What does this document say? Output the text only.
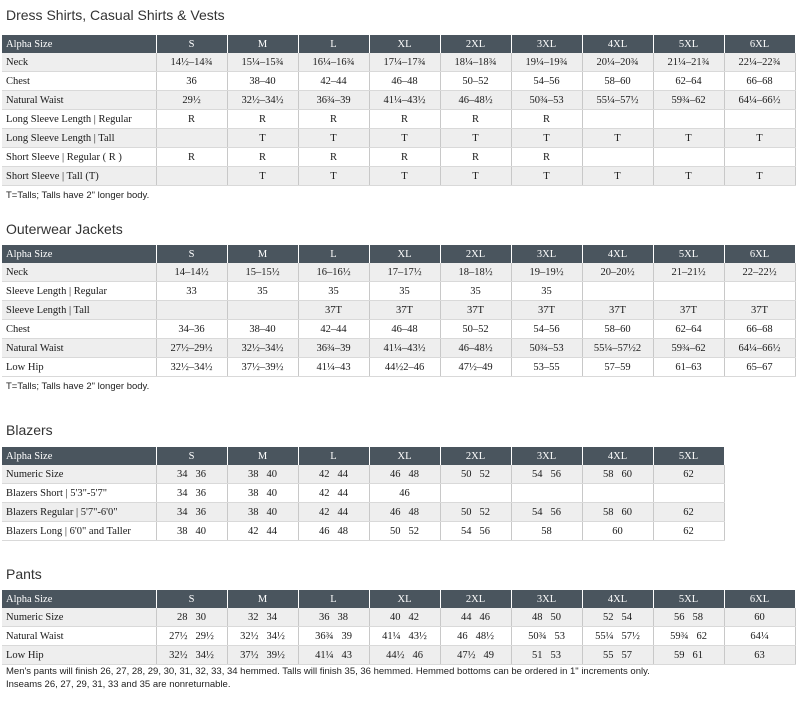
Dress Shirts, Casual Shirts & Vests
Alpha Size	S	M	L	XL	2XL	3XL	4XL	5XL	6XL
Neck	14½–14¾	15¼–15¾	16¼–16¾	17¼–17¾	18¼–18¾	19¼–19¾	20¼–20¾	21¼–21¾	22¼–22¾
Chest	36	38–40	42–44	46–48	50–52	54–56	58–60	62–64	66–68
Natural Waist	29½	32½–34½	36¾–39	41¼–43½	46–48½	50¾–53	55¼–57½	59¾–62	64¼–66½
Long Sleeve Length | Regular	R	R	R	R	R	R			
Long Sleeve Length | Tall		T	T	T	T	T	T	T	T
Short Sleeve | Regular ( R )	R	R	R	R	R	R			
Short Sleeve | Tall (T)		T	T	T	T	T	T	T	T
T=Talls; Talls have 2" longer body.
Outerwear Jackets
Alpha Size	S	M	L	XL	2XL	3XL	4XL	5XL	6XL
Neck	14–14½	15–15½	16–16½	17–17½	18–18½	19–19½	20–20½	21–21½	22–22½
Sleeve Length | Regular	33	35	35	35	35	35			
Sleeve Length | Tall			37T	37T	37T	37T	37T	37T	37T
Chest	34–36	38–40	42–44	46–48	50–52	54–56	58–60	62–64	66–68
Natural Waist	27½–29½	32½–34½	36¾–39	41¼–43½	46–48½	50¾–53	55¼–57½2	59¾–62	64¼–66½
Low Hip	32½–34½	37½–39½	41¼–43	44½2–46	47½–49	53–55	57–59	61–63	65–67
T=Talls; Talls have 2" longer body.
Blazers
Alpha Size	S	M	L	XL	2XL	3XL	4XL	5XL
Numeric Size	34 36	38 40	42 44	46 48	50 52	54 56	58 60	62

Blazers Short | 5'3"-5'7"	34 36	38 40	42 44	46				

Blazers Regular | 5'7"-6'0"	34 36	38 40	42 44	46 48	50 52	54 56	58 60	62

Blazers Long | 6'0" and Taller	38 40	42 44	46 48	50 52	54 56	58	60	62
Pants
Alpha Size	S	M	L	XL	2XL	3XL	4XL	5XL	6XL
Numeric Size	28 30	32 34	36 38	40 42	44 46	48 50	52 54	56 58	60

Natural Waist	27½ 29½	32½ 34½	36¾ 39	41¼ 43½	46 48½	50¾ 53	55¼ 57½	59¾ 62	64¼

Low Hip	32½ 34½	37½ 39½	41¼ 43	44½ 46	47½ 49	51 53	55 57	59 61	63
Men's pants will finish 26, 27, 28, 29, 30, 31, 32, 33, 34 hemmed. Talls will finish 35, 36 hemmed. Hemmed bottoms can be ordered in 1" increments only.
Inseams 26, 27, 29, 31, 33 and 35 are nonreturnable.
